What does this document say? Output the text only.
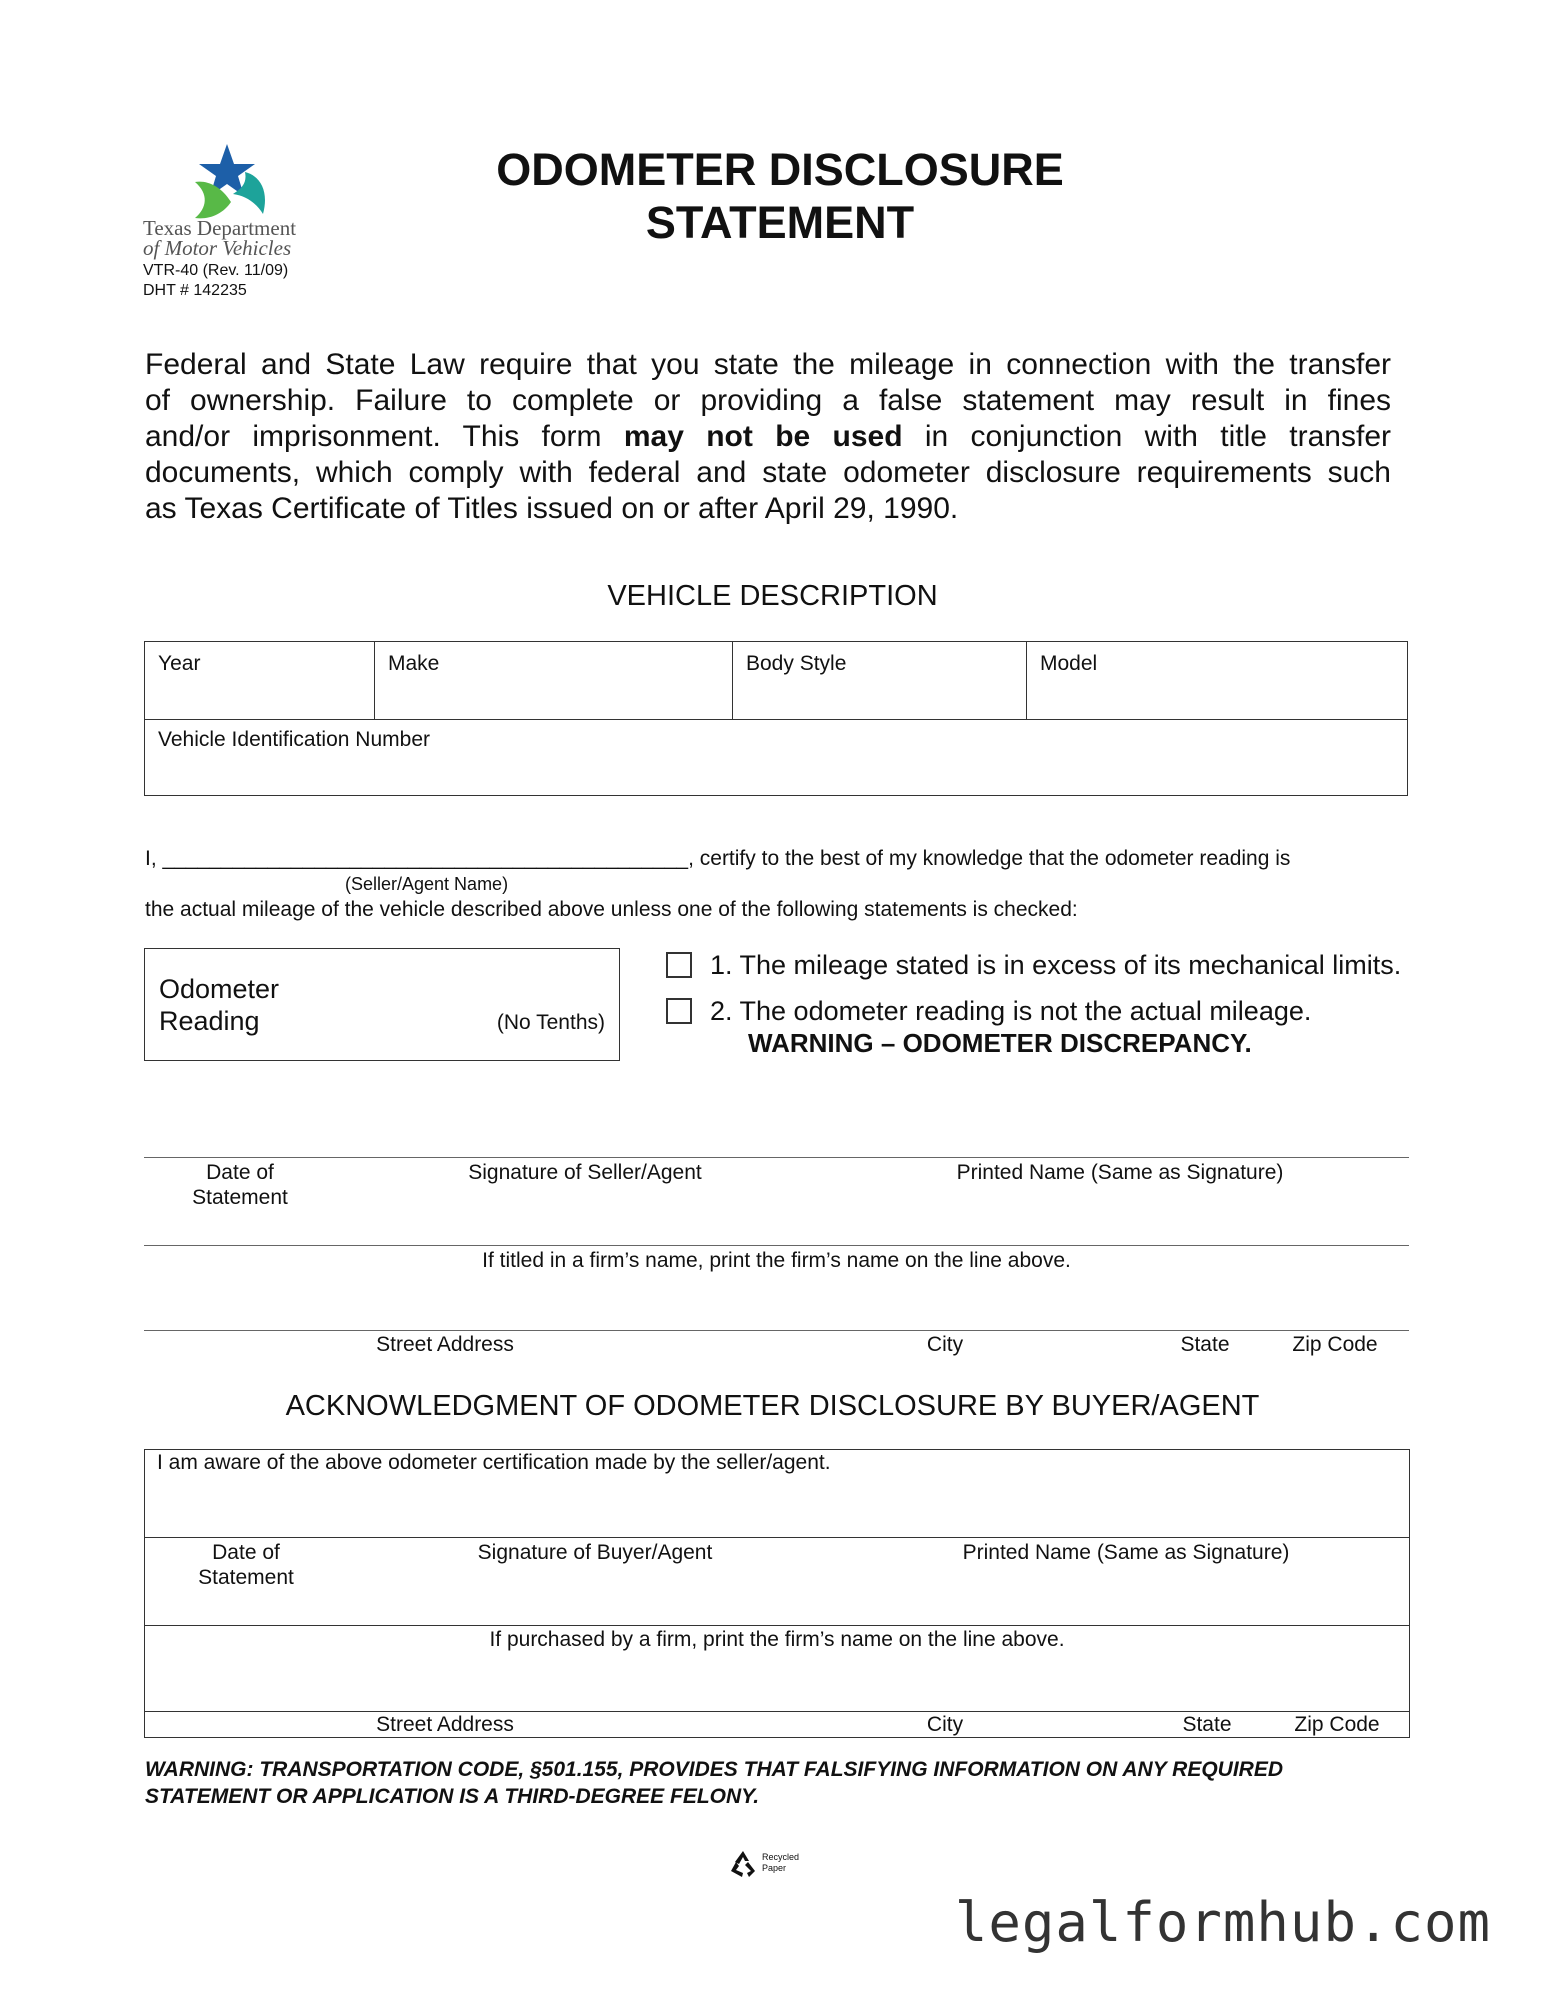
Texas Department
of Motor Vehicles
VTR-40 (Rev. 11/09)
DHT # 142235
ODOMETER DISCLOSURE
STATEMENT
Federal and State Law require that you state the mileage in connection with the transfer
of ownership. Failure to complete or providing a false statement may result in fines
and/or imprisonment. This form may not be used in conjunction with title transfer
documents, which comply with federal and state odometer disclosure requirements such
as Texas Certificate of Titles issued on or after April 29, 1990.
VEHICLE DESCRIPTION
Year	Make	Body Style	Model
Vehicle Identification Number
I, _____________________________________________, certify to the best of my knowledge that the odometer reading is
(Seller/Agent Name)
the actual mileage of the vehicle described above unless one of the following statements is checked:
Odometer
Reading	(No Tenths)
1. The mileage stated is in excess of its mechanical limits.
2. The odometer reading is not the actual mileage.
WARNING – ODOMETER DISCREPANCY.
Date of
Statement
Signature of Seller/Agent	Printed Name (Same as Signature)
If titled in a firm’s name, print the firm’s name on the line above.
Street Address	City	State	Zip Code
ACKNOWLEDGMENT OF ODOMETER DISCLOSURE BY BUYER/AGENT
I am aware of the above odometer certification made by the seller/agent.
Date of
Statement
Signature of Buyer/Agent	Printed Name (Same as Signature)
If purchased by a firm, print the firm’s name on the line above.
Street Address	City	State	Zip Code
WARNING: TRANSPORTATION CODE, §501.155, PROVIDES THAT FALSIFYING INFORMATION ON ANY REQUIRED
STATEMENT OR APPLICATION IS A THIRD-DEGREE FELONY.
Recycled
Paper
legalformhub.com
